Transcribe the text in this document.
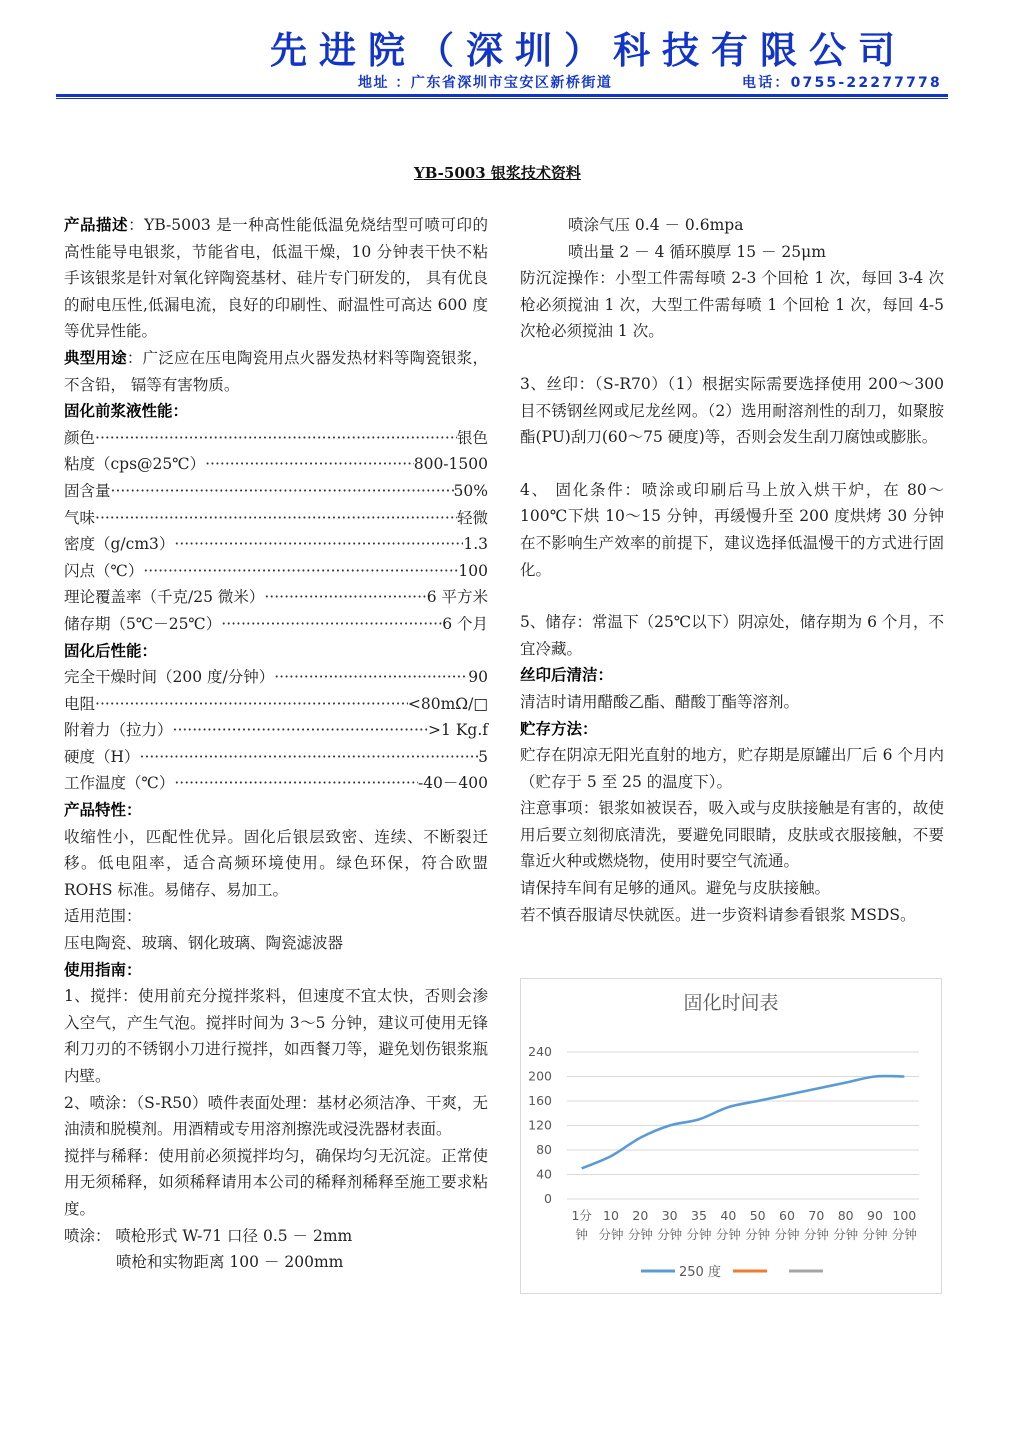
先进院（深圳）科技有限公司
地址 ：广东省深圳市宝安区新桥街道	电话：0755-22277778
YB-5003 银浆技术资料

产品描述：YB-5003 是一种高性能低温免烧结型可喷可印的高性能导电银浆，节能省电，低温干燥，10 分钟表干快不粘手该银浆是针对氧化锌陶瓷基材、硅片专门研发的， 具有优良的耐电压性,低漏电流，良好的印刷性、耐温性可高达 600 度等优异性能。

典型用途：广泛应在压电陶瓷用点火器发热材料等陶瓷银浆，不含铅， 镉等有害物质。

固化前浆液性能：

颜色 ·····	银色
粘度（cps@25℃） ·····	800-1500
固含量 ·····	50%
气味 ·····	轻微
密度（g/cm3） ·····	1.3
闪点（℃） ·····	100
理论覆盖率（千克/25 微米） ·····	6 平方米
储存期（5℃－25℃） ·····	6 个月

固化后性能：

完全干燥时间（200 度/分钟） ·····	90
电阻 ·····	<80mΩ/□
附着力（拉力） ·····	>1 Kg.f
硬度（H） ·····	5
工作温度（℃） ·····	-40－400

产品特性：

收缩性小，匹配性优异。固化后银层致密、连续、不断裂迁移。低电阻率，适合高频环境使用。绿色环保，符合欧盟 ROHS 标准。易储存、易加工。

适用范围：

压电陶瓷、玻璃、钢化玻璃、陶瓷滤波器

使用指南：

1、搅拌：使用前充分搅拌浆料，但速度不宜太快，否则会渗入空气，产生气泡。搅拌时间为 3～5 分钟，建议可使用无锋利刀刃的不锈钢小刀进行搅拌，如西餐刀等，避免划伤银浆瓶内壁。

2、喷涂：（S-R50）喷件表面处理：基材必须洁净、干爽，无油渍和脱模剂。用酒精或专用溶剂擦洗或浸洗器材表面。

搅拌与稀释：使用前必须搅拌均匀，确保均匀无沉淀。正常使用无须稀释，如须稀释请用本公司的稀释剂稀释至施工要求粘度。

喷涂： 喷枪形式 W-71 口径 0.5 － 2mm

喷枪和实物距离 100 － 200mm

喷涂气压 0.4 － 0.6mpa

喷出量 2 － 4 循环膜厚 15 － 25μm

防沉淀操作：小型工件需每喷 2-3 个回枪 1 次，每回 3-4 次枪必须搅油 1 次，大型工件需每喷 1 个回枪 1 次，每回 4-5 次枪必须搅油 1 次。

3、丝印：（S-R70）（1）根据实际需要选择使用 200～300 目不锈钢丝网或尼龙丝网。（2）选用耐溶剂性的刮刀，如聚胺酯(PU)刮刀(60～75 硬度)等，否则会发生刮刀腐蚀或膨胀。

4、 固化条件：喷涂或印刷后马上放入烘干炉，在 80～100℃下烘 10～15 分钟，再缓慢升至 200 度烘烤 30 分钟在不影响生产效率的前提下，建议选择低温慢干的方式进行固化。

5、储存：常温下（25℃以下）阴凉处，储存期为 6 个月，不宜冷藏。

丝印后清洁：

清洁时请用醋酸乙酯、醋酸丁酯等溶剂。

贮存方法：

贮存在阴凉无阳光直射的地方，贮存期是原罐出厂后 6 个月内（贮存于 5 至 25 的温度下）。

注意事项：银浆如被误吞，吸入或与皮肤接触是有害的，故使用后要立刻彻底清洗，要避免同眼睛，皮肤或衣服接触，不要靠近火种或燃烧物，使用时要空气流通。

请保持车间有足够的通风。避免与皮肤接触。

若不慎吞服请尽快就医。进一步资料请参看银浆 MSDS。

固化时间表
0
40
80
120
160
200
240
1分 10 20 30 35 40 50 60 70 80 90 100
钟 分钟 分钟 分钟 分钟 分钟 分钟 分钟 分钟 分钟 分钟 分钟
250 度
